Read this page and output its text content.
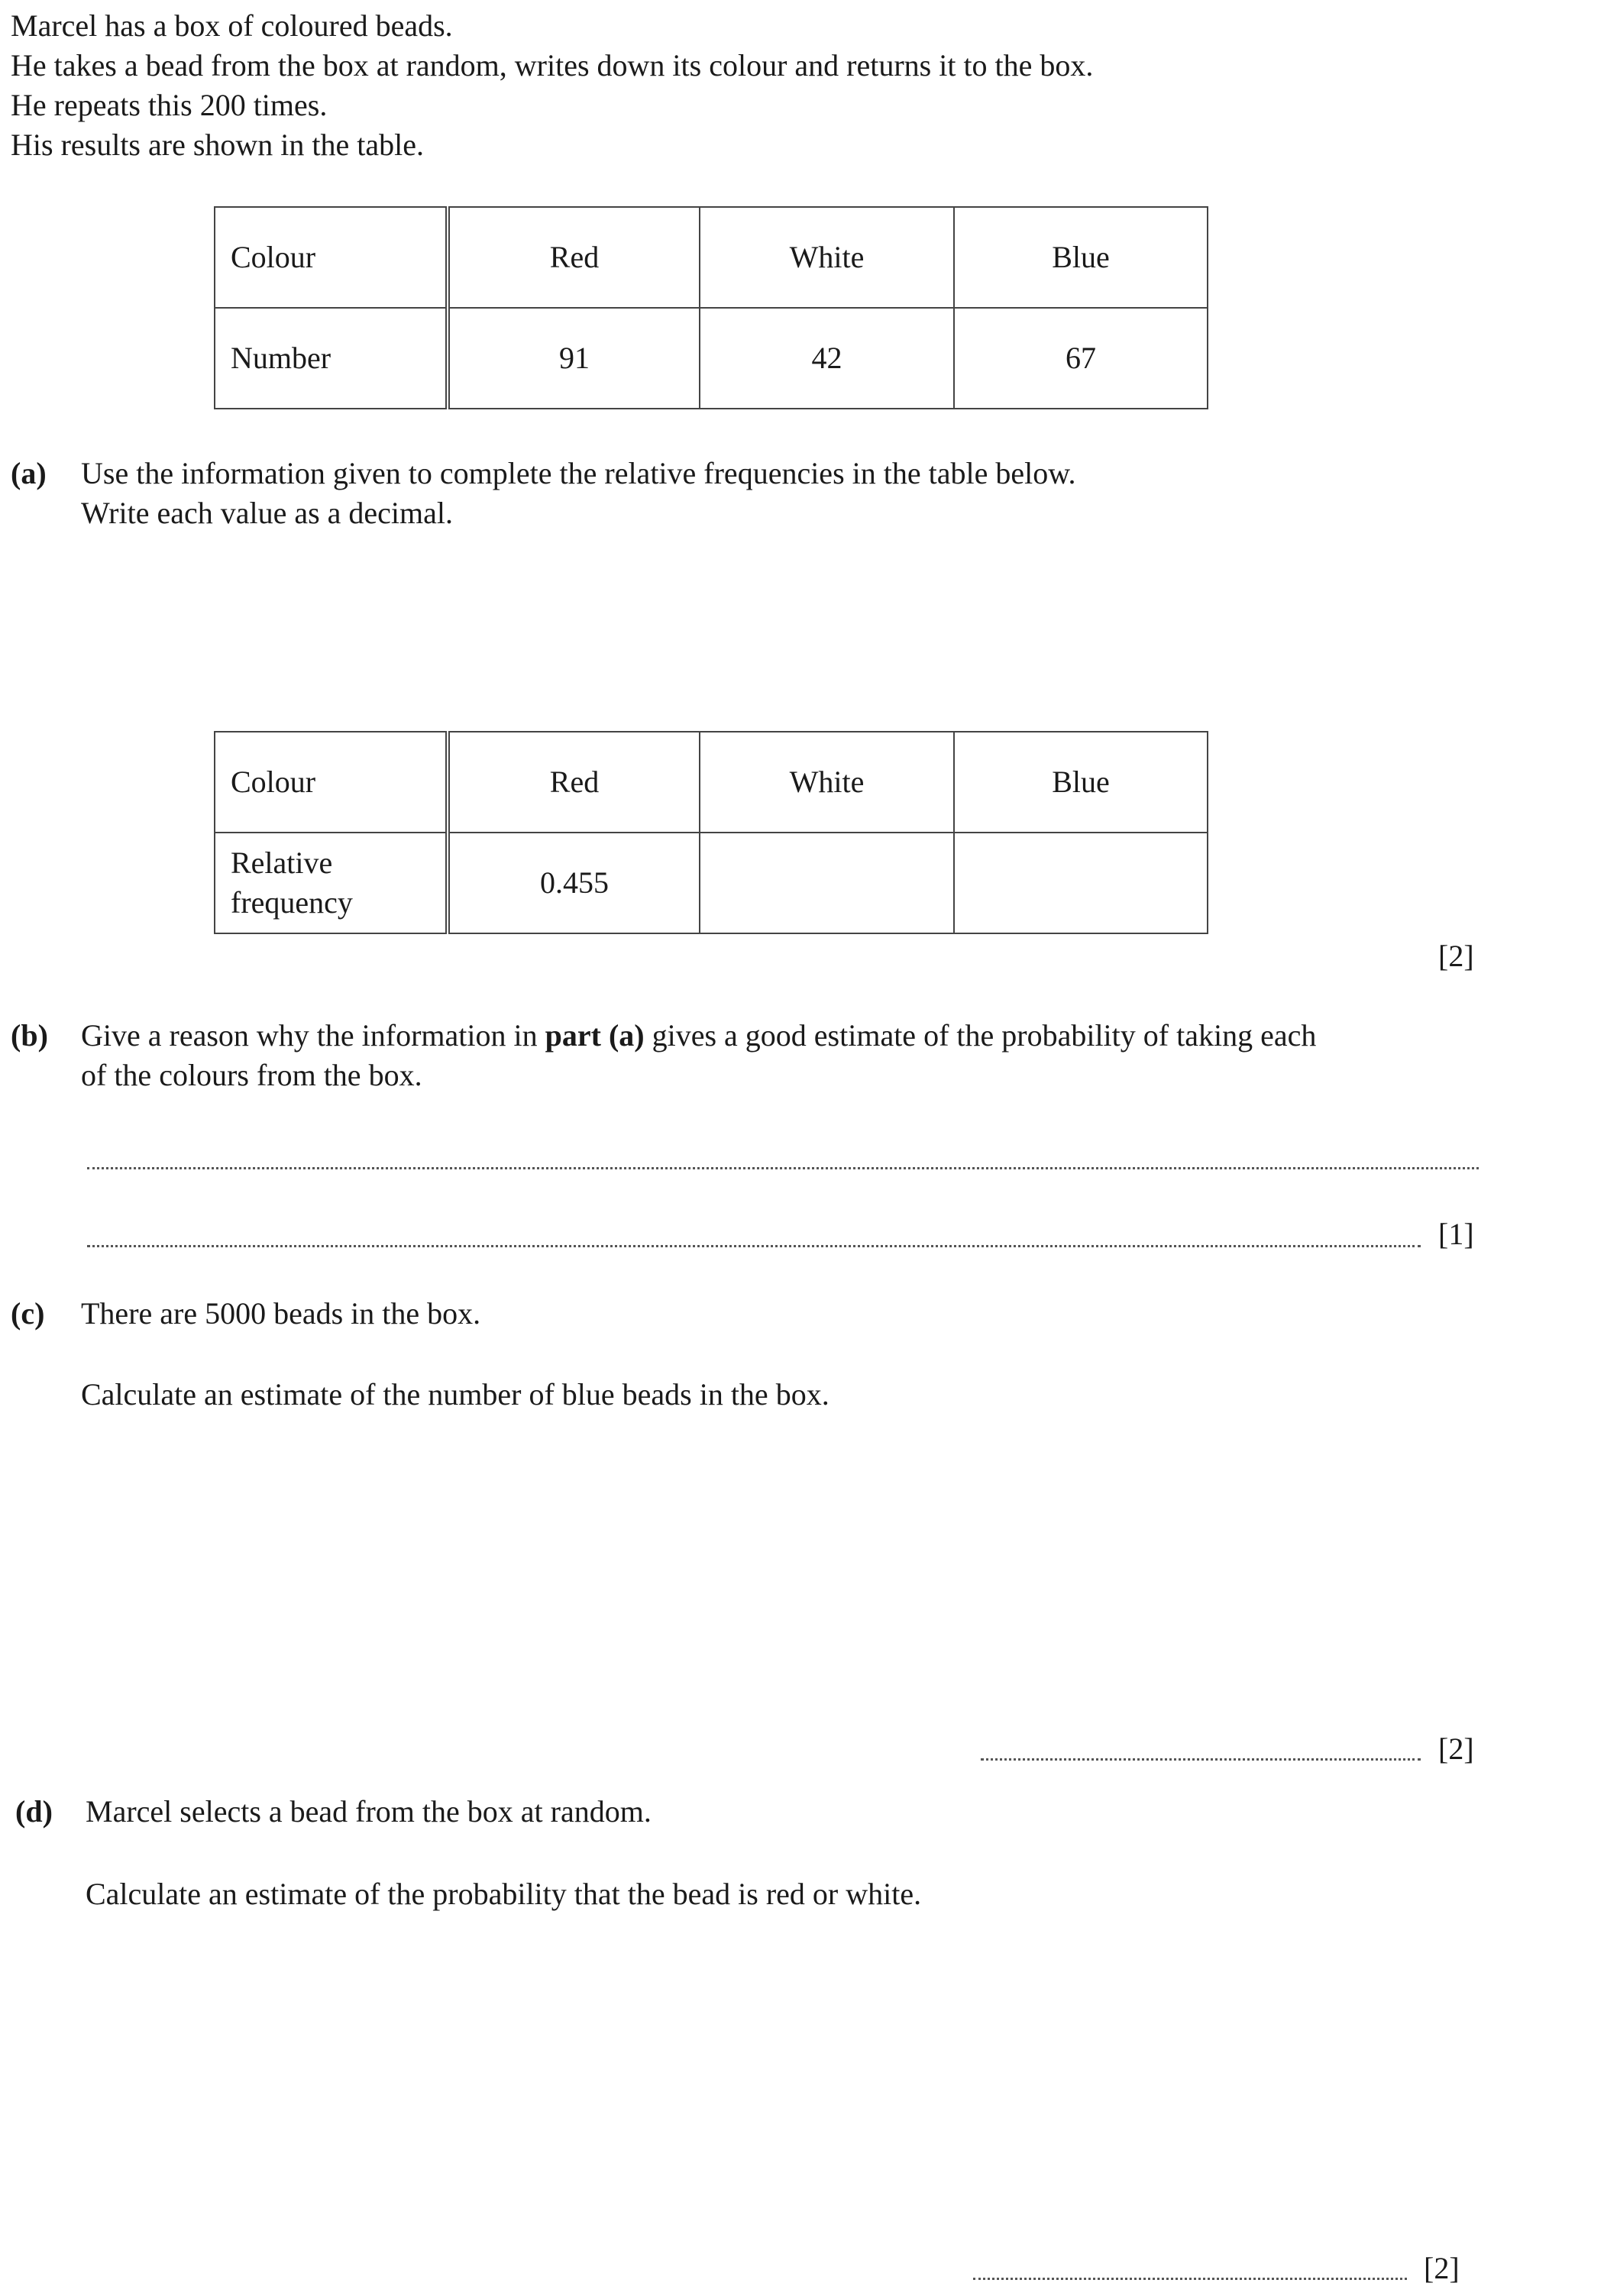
Marcel has a box of coloured beads.
He takes a bead from the box at random, writes down its colour and returns it to the box.
He repeats this 200 times.
His results are shown in the table.
Colour	Red	White	Blue
Number	91	42	67
(a) Use the information given to complete the relative frequencies in the table below.
Write each value as a decimal.
Colour	Red	White	Blue

Relative
frequency	0.455		
[2]
(b) Give a reason why the information in part (a) gives a good estimate of the probability of taking each
of the colours from the box.
[1]
(c) There are 5000 beads in the box.
Calculate an estimate of the number of blue beads in the box.
[2]
(d) Marcel selects a bead from the box at random.
Calculate an estimate of the probability that the bead is red or white.
[2]
